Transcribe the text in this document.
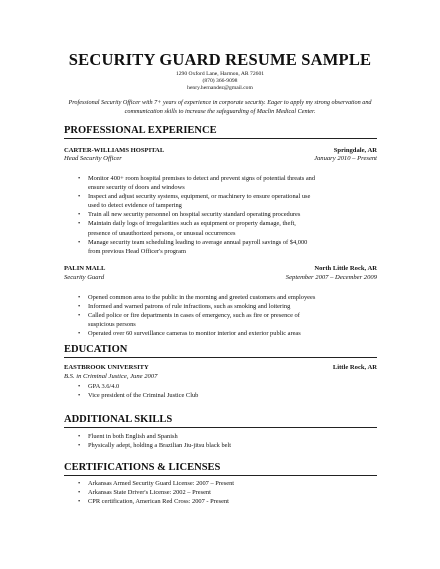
SECURITY GUARD RESUME SAMPLE
1290 Oxford Lane, Harmon, AR 72601
(870) 366-9098
henry.hernandez@gmail.com
Professional Security Officer with 7+ years of experience in corporate security. Eager to apply my strong observation and communication skills to increase the safeguarding of Maclin Medical Center.
PROFESSIONAL EXPERIENCE
CARTER-WILLIAMS HOSPITAL	Springdale, AR
Head Security Officer	January 2010 – Present
• Monitor 400+ room hospital premises to detect and prevent signs of potential threats and
ensure security of doors and windows
• Inspect and adjust security systems, equipment, or machinery to ensure operational use
used to detect evidence of tampering
• Train all new security personnel on hospital security standard operating procedures
• Maintain daily logs of irregularities such as equipment or property damage, theft,
presence of unauthorized persons, or unusual occurrences
• Manage security team scheduling leading to average annual payroll savings of $4,000
from previous Head Officer's program
PALIN MALL	North Little Rock, AR
Security Guard	September 2007 – December 2009
• Opened common area to the public in the morning and greeted customers and employees
• Informed and warned patrons of rule infractions, such as smoking and loitering
• Called police or fire departments in cases of emergency, such as fire or presence of
suspicious persons
• Operated over 60 surveillance cameras to monitor interior and exterior public areas
EDUCATION
EASTBROOK UNIVERSITY	Little Rock, AR
B.S. in Criminal Justice, June 2007
• GPA 3.6/4.0
• Vice president of the Criminal Justice Club
ADDITIONAL SKILLS
• Fluent in both English and Spanish
• Physically adept, holding a Brazilian Jiu-jitsu black belt
CERTIFICATIONS & LICENSES
• Arkansas Armed Security Guard License: 2007 – Present
• Arkansas State Driver's License: 2002 – Present
• CPR certification, American Red Cross: 2007 - Present
